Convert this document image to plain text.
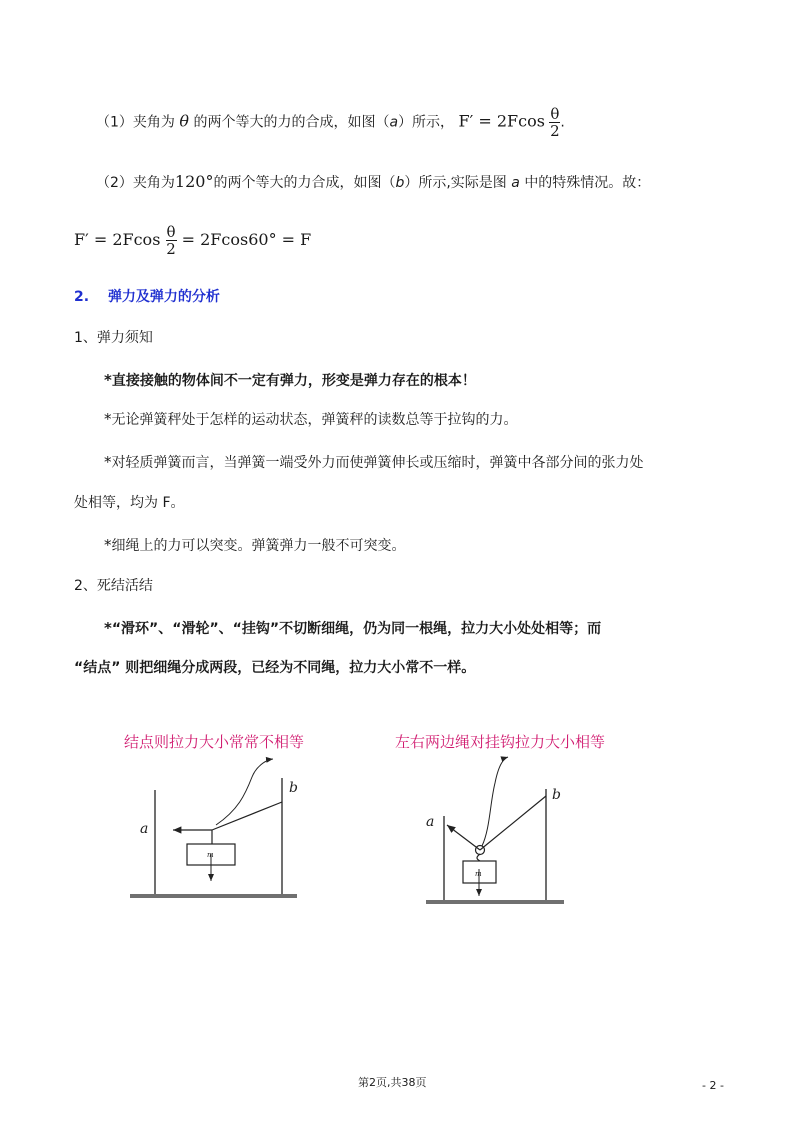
（1）夹角为 θ 的两个等大的力的合成，如图（a）所示， $F' = 2Fcos \frac{\theta}{2}$ .
（2）夹角为120°的两个等大的力合成，如图（b）所示,实际是图 a 中的特殊情况。故：
$F' = 2Fcos \frac{\theta}{2} = 2Fcos60^\circ = F$
2. 弹力及弹力的分析
1、弹力须知
*直接接触的物体间不一定有弹力，形变是弹力存在的根本！
*无论弹簧秤处于怎样的运动状态，弹簧秤的读数总等于拉钩的力。
*对轻质弹簧而言，当弹簧一端受外力而使弹簧伸长或压缩时，弹簧中各部分间的张力处
处相等，均为 F。
*细绳上的力可以突变。弹簧弹力一般不可突变。
2、死结活结
*“滑环”、“滑轮”、“挂钩”不切断细绳，仍为同一根绳，拉力大小处处相等；而
“结点” 则把细绳分成两段，已经为不同绳，拉力大小常不一样。
结点则拉力大小常常不相等	左右两边绳对挂钩拉力大小相等
a
b
m
a
b
m
第2页,共38页	- 2 -
